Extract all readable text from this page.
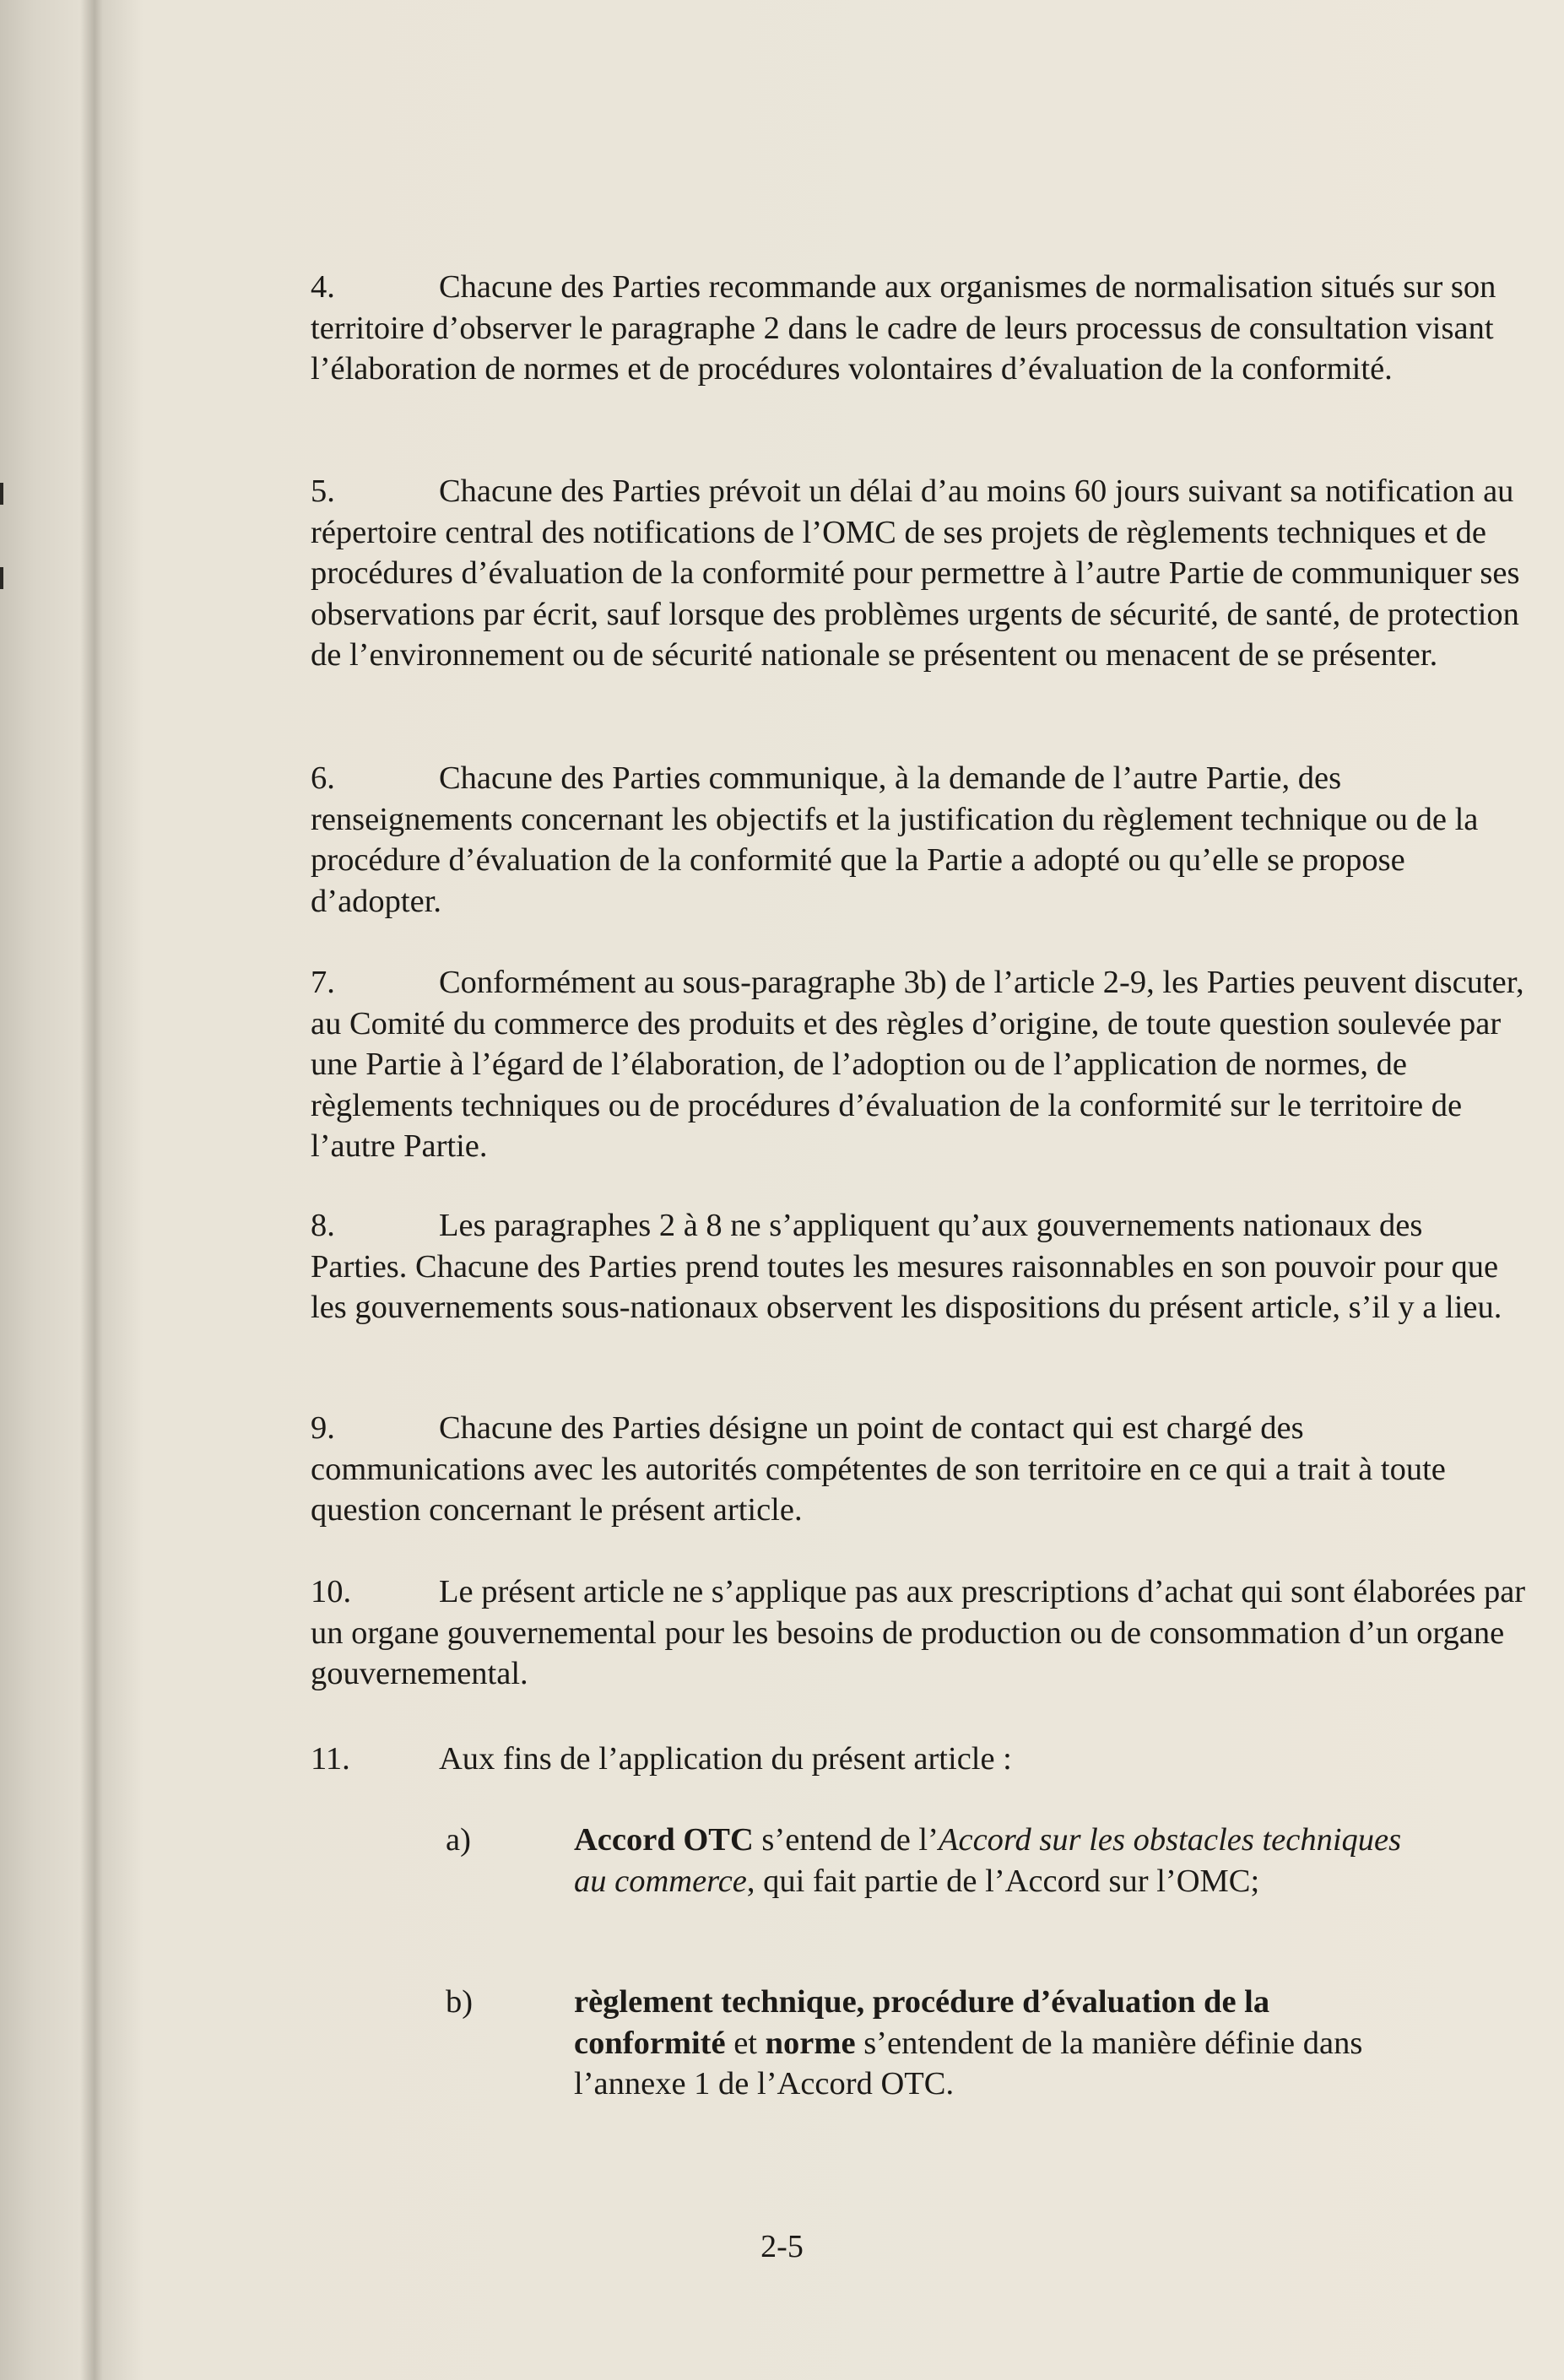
4.	Chacune des Parties recommande aux organismes de normalisation situés sur son territoire d’observer le paragraphe 2 dans le cadre de leurs processus de consultation visant l’élaboration de normes et de procédures volontaires d’évaluation de la conformité.

5.	Chacune des Parties prévoit un délai d’au moins 60 jours suivant sa notification au répertoire central des notifications de l’OMC de ses projets de règlements techniques et de procédures d’évaluation de la conformité pour permettre à l’autre Partie de communiquer ses observations par écrit, sauf lorsque des problèmes urgents de sécurité, de santé, de protection de l’environnement ou de sécurité nationale se présentent ou menacent de se présenter.

6.	Chacune des Parties communique, à la demande de l’autre Partie, des renseignements concernant les objectifs et la justification du règlement technique ou de la procédure d’évaluation de la conformité que la Partie a adopté ou qu’elle se propose d’adopter.

7.	Conformément au sous-paragraphe 3b) de l’article 2-9, les Parties peuvent discuter, au Comité du commerce des produits et des règles d’origine, de toute question soulevée par une Partie à l’égard de l’élaboration, de l’adoption ou de l’application de normes, de règlements techniques ou de procédures d’évaluation de la conformité sur le territoire de l’autre Partie.

8.	Les paragraphes 2 à 8 ne s’appliquent qu’aux gouvernements nationaux des Parties. Chacune des Parties prend toutes les mesures raisonnables en son pouvoir pour que les gouvernements sous-nationaux observent les dispositions du présent article, s’il y a lieu.

9.	Chacune des Parties désigne un point de contact qui est chargé des communications avec les autorités compétentes de son territoire en ce qui a trait à toute question concernant le présent article.

10.	Le présent article ne s’applique pas aux prescriptions d’achat qui sont élaborées par un organe gouvernemental pour les besoins de production ou de consommation d’un organe gouvernemental.

11.	Aux fins de l’application du présent article :

a)	Accord OTC s’entend de l’Accord sur les obstacles techniques au commerce, qui fait partie de l’Accord sur l’OMC;
b)	règlement technique, procédure d’évaluation de la conformité et norme s’entendent de la manière définie dans l’annexe 1 de l’Accord OTC.
2-5
